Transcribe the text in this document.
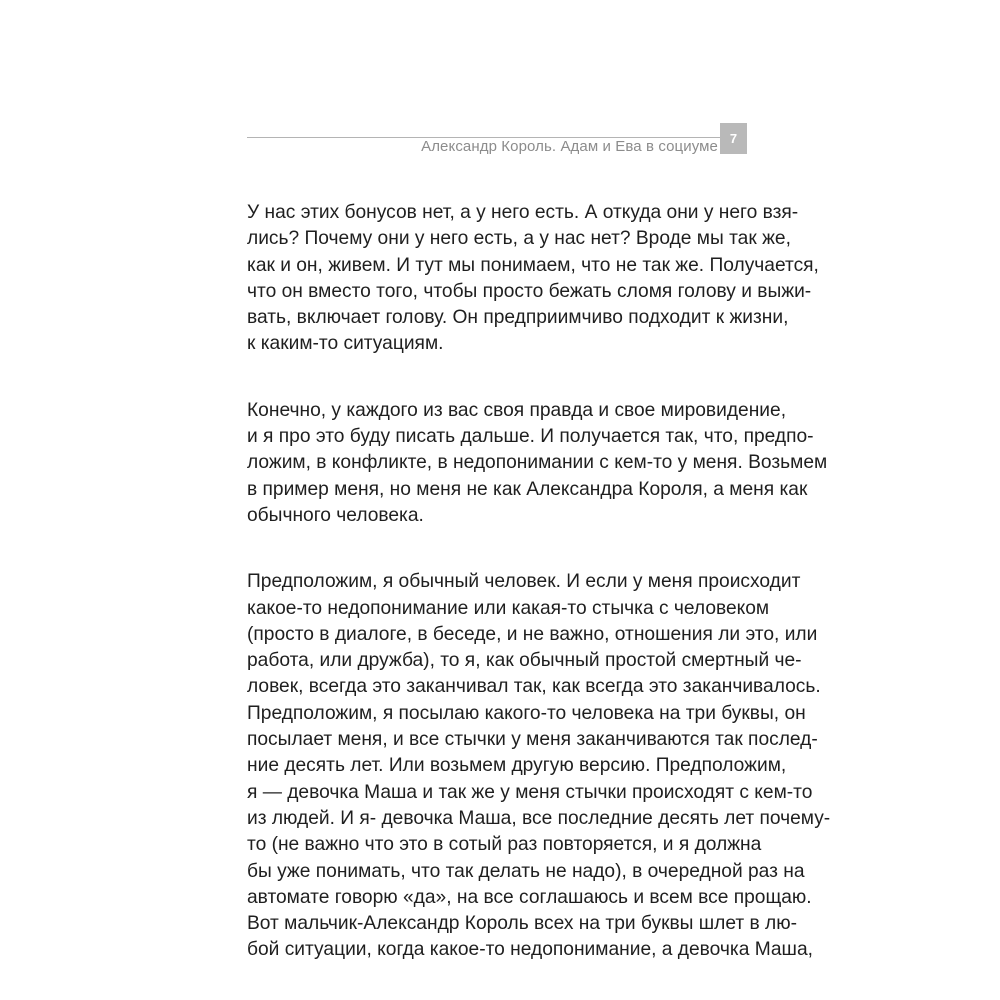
Александр Король. Адам и Ева в социуме 7
У нас этих бонусов нет, а у него есть. А откуда они у него взя-
лись? Почему они у него есть, а у нас нет? Вроде мы так же,
как и он, живем. И тут мы понимаем, что не так же. Получается,
что он вместо того, чтобы просто бежать сломя голову и выжи-
вать, включает голову. Он предприимчиво подходит к жизни,
к каким-то ситуациям.
Конечно, у каждого из вас своя правда и свое мировидение,
и я про это буду писать дальше. И получается так, что, предпо-
ложим, в конфликте, в недопонимании с кем-то у меня. Возьмем
в пример меня, но меня не как Александра Короля, а меня как
обычного человека.
Предположим, я обычный человек. И если у меня происходит
какое-то недопонимание или какая-то стычка с человеком
(просто в диалоге, в беседе, и не важно, отношения ли это, или
работа, или дружба), то я, как обычный простой смертный че-
ловек, всегда это заканчивал так, как всегда это заканчивалось.
Предположим, я посылаю какого-то человека на три буквы, он
посылает меня, и все стычки у меня заканчиваются так послед-
ние десять лет. Или возьмем другую версию. Предположим,
я — девочка Маша и так же у меня стычки происходят с кем-то
из людей. И я- девочка Маша, все последние десять лет почему-
то (не важно что это в сотый раз повторяется, и я должна
бы уже понимать, что так делать не надо), в очередной раз на
автомате говорю «да», на все соглашаюсь и всем все прощаю.
Вот мальчик-Александр Король всех на три буквы шлет в лю-
бой ситуации, когда какое-то недопонимание, а девочка Маша,
